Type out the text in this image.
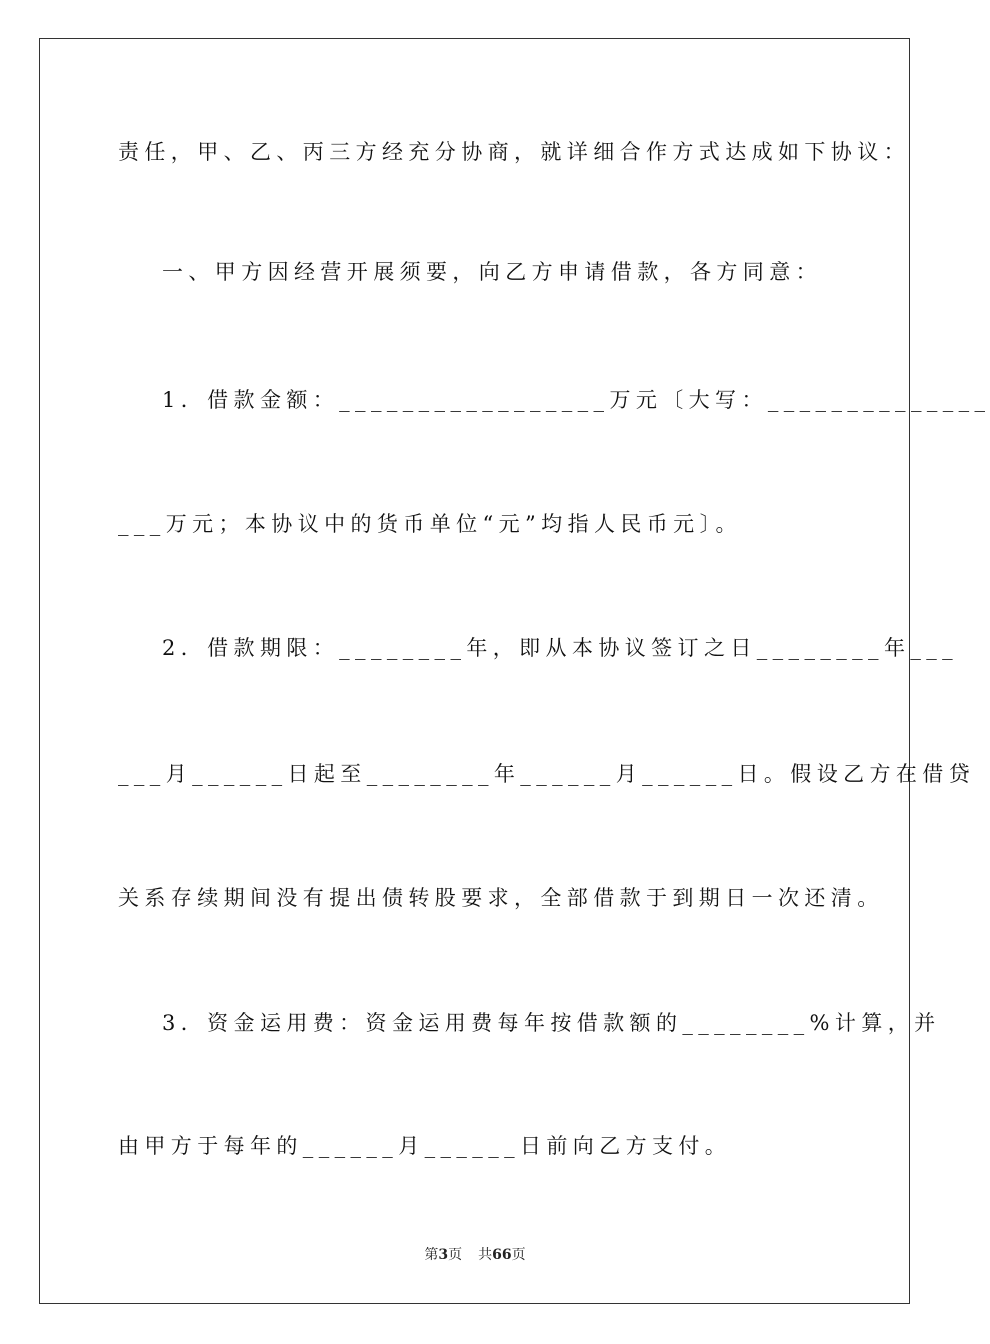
责任，甲、乙、丙三方经充分协商，就详细合作方式达成如下协议：
一、甲方因经营开展须要，向乙方申请借款，各方同意：
1．借款金额：_________________万元〔大写：______________
___万元；本协议中的货币单位“元”均指人民币元〕。
2．借款期限：________年，即从本协议签订之日________年___
___月______日起至________年______月______日。假设乙方在借贷
关系存续期间没有提出债转股要求，全部借款于到期日一次还清。
3．资金运用费：资金运用费每年按借款额的________%计算，并
由甲方于每年的______月______日前向乙方支付。
第3页 共66页
